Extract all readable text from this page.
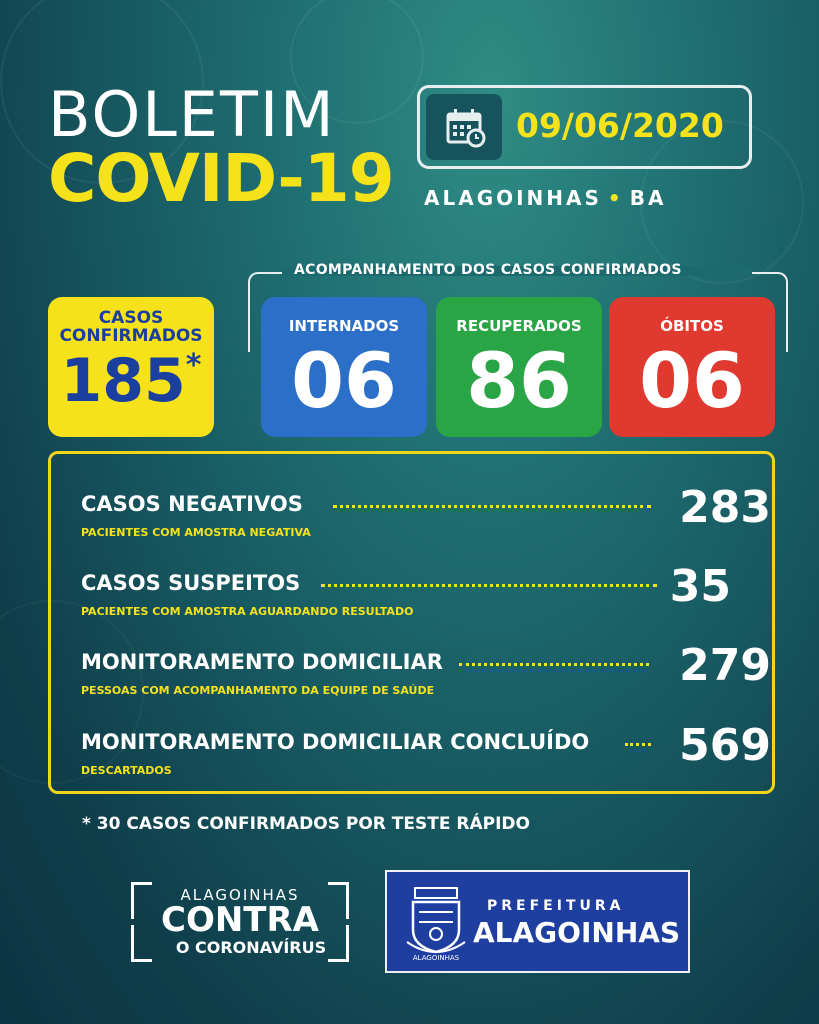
BOLETIM
COVID-19
09/06/2020
ALAGOINHAS • BA
CASOS
CONFIRMADOS
185*
ACOMPANHAMENTO DOS CASOS CONFIRMADOS
INTERNADOS
06
RECUPERADOS
86
ÓBITOS
06
CASOS NEGATIVOS
PACIENTES COM AMOSTRA NEGATIVA	283
CASOS SUSPEITOS
PACIENTES COM AMOSTRA AGUARDANDO RESULTADO	35
MONITORAMENTO DOMICILIAR
PESSOAS COM ACOMPANHAMENTO DA EQUIPE DE SAÚDE	279
MONITORAMENTO DOMICILIAR CONCLUÍDO
DESCARTADOS	569
* 30 CASOS CONFIRMADOS POR TESTE RÁPIDO
ALAGOINHAS
CONTRA
O CORONAVÍRUS
ALAGOINHAS
PREFEITURA
ALAGOINHAS
